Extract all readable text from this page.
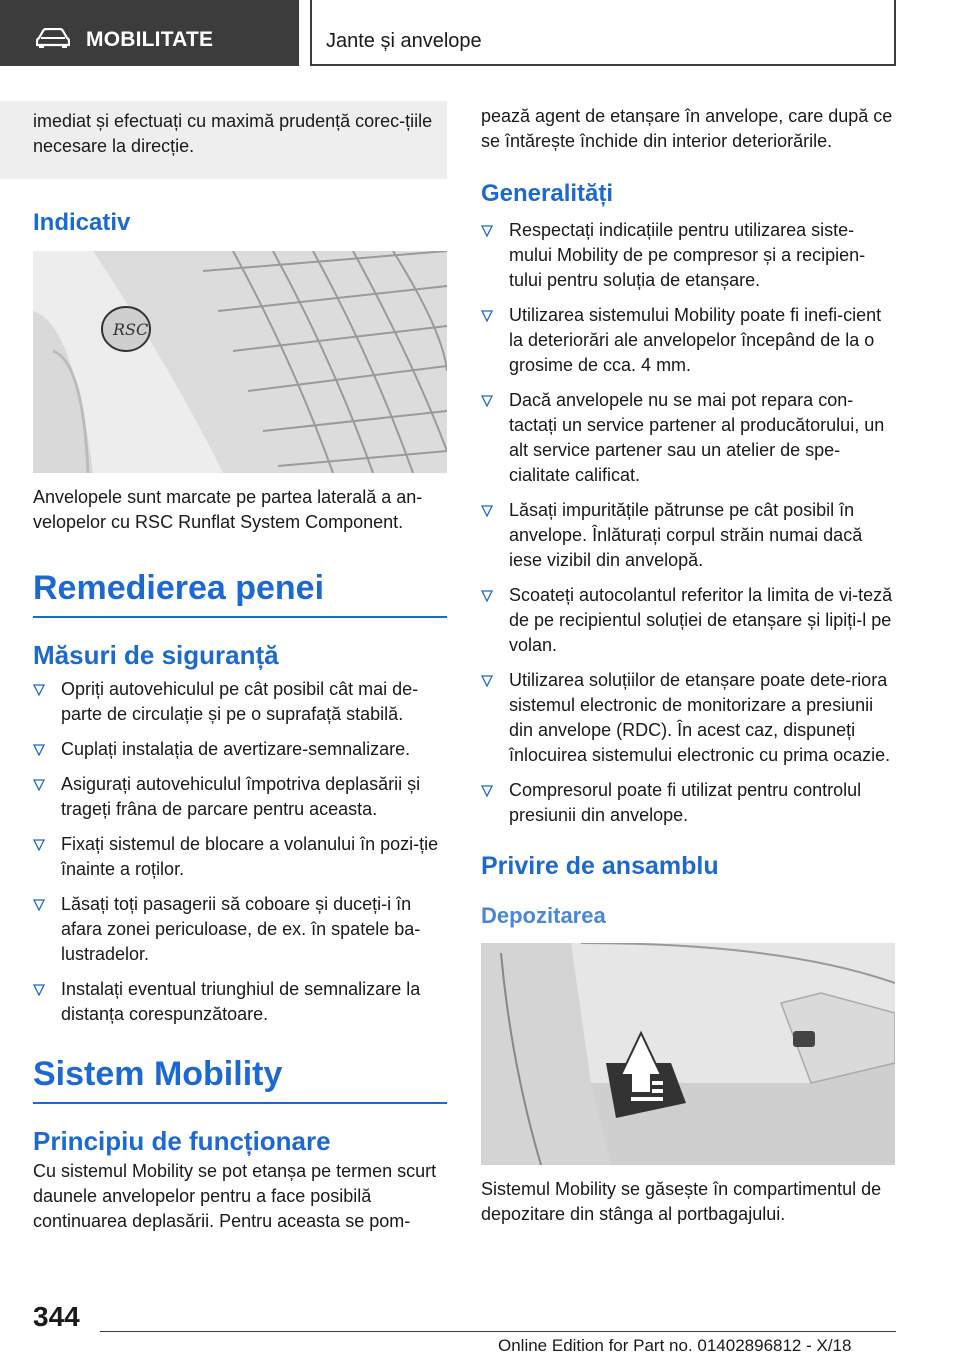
MOBILITATE	Jante și anvelope

imediat și efectuați cu maximă prudență corec-țiile necesare la direcție.

Indicativ
RSC

Anvelopele sunt marcate pe partea laterală a an-velopelor cu RSC Runflat System Component.

Remedierea penei
Măsuri de siguranță
Opriți autovehiculul pe cât posibil cât mai de-parte de circulație și pe o suprafață stabilă.
Cuplați instalația de avertizare-semnalizare.
Asigurați autovehiculul împotriva deplasării și trageți frâna de parcare pentru aceasta.
Fixați sistemul de blocare a volanului în pozi-ție înainte a roților.
Lăsați toți pasagerii să coboare și duceți-i în afara zonei periculoase, de ex. în spatele ba-lustradelor.
Instalați eventual triunghiul de semnalizare la distanța corespunzătoare.
Sistem Mobility
Principiu de funcționare

Cu sistemul Mobility se pot etanșa pe termen scurt daunele anvelopelor pentru a face posibilă continuarea deplasării. Pentru aceasta se pom-

pează agent de etanșare în anvelope, care după ce se întărește închide din interior deteriorările.

Generalități
Respectați indicațiile pentru utilizarea siste-mului Mobility de pe compresor și a recipien-tului pentru soluția de etanșare.
Utilizarea sistemului Mobility poate fi inefi-cient la deteriorări ale anvelopelor începând de la o grosime de cca. 4 mm.
Dacă anvelopele nu se mai pot repara con-tactați un service partener al producătorului, un alt service partener sau un atelier de spe-cialitate calificat.
Lăsați impuritățile pătrunse pe cât posibil în anvelope. Înlăturați corpul străin numai dacă iese vizibil din anvelopă.
Scoateți autocolantul referitor la limita de vi-teză de pe recipientul soluției de etanșare și lipiți-l pe volan.
Utilizarea soluțiilor de etanșare poate dete-riora sistemul electronic de monitorizare a presiunii din anvelope (RDC). În acest caz, dispuneți înlocuirea sistemului electronic cu prima ocazie.
Compresorul poate fi utilizat pentru controlul presiunii din anvelope.
Privire de ansamblu
Depozitarea

Sistemul Mobility se găsește în compartimentul de depozitare din stânga al portbagajului.

344
Online Edition for Part no. 01402896812 - X/18
